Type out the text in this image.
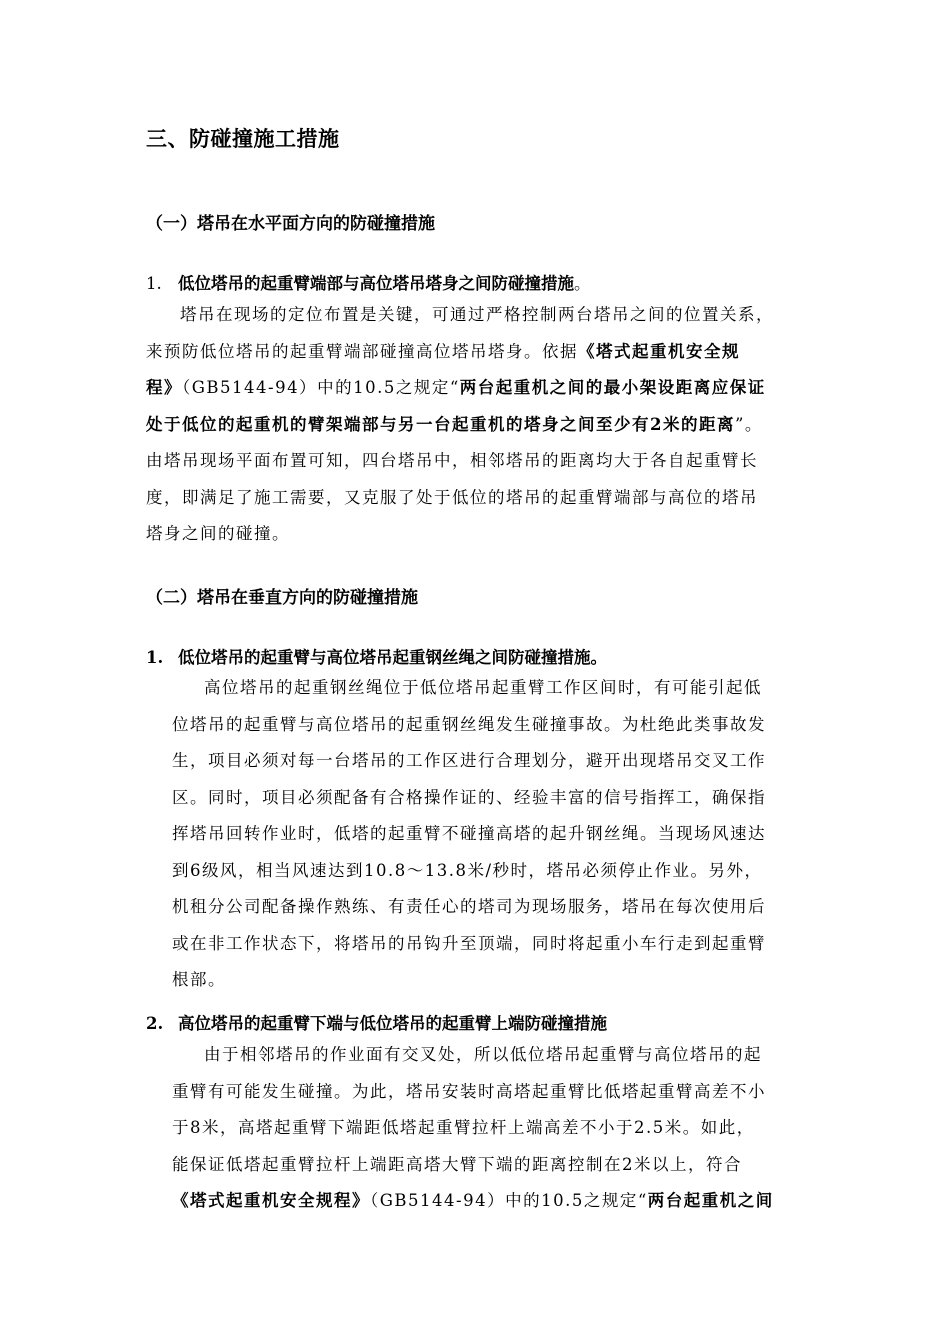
三、防碰撞施工措施
（一）塔吊在水平面方向的防碰撞措施
1. 低位塔吊的起重臂端部与高位塔吊塔身之间防碰撞措施。
塔吊在现场的定位布置是关键，可通过严格控制两台塔吊之间的位置关系，
来预防低位塔吊的起重臂端部碰撞高位塔吊塔身。依据《塔式起重机安全规
程》（GB5144-94）中的10.5之规定“两台起重机之间的最小架设距离应保证
处于低位的起重机的臂架端部与另一台起重机的塔身之间至少有2米的距离”。
由塔吊现场平面布置可知，四台塔吊中，相邻塔吊的距离均大于各自起重臂长
度，即满足了施工需要，又克服了处于低位的塔吊的起重臂端部与高位的塔吊
塔身之间的碰撞。
（二）塔吊在垂直方向的防碰撞措施
1. 低位塔吊的起重臂与高位塔吊起重钢丝绳之间防碰撞措施。
高位塔吊的起重钢丝绳位于低位塔吊起重臂工作区间时，有可能引起低
位塔吊的起重臂与高位塔吊的起重钢丝绳发生碰撞事故。为杜绝此类事故发
生，项目必须对每一台塔吊的工作区进行合理划分，避开出现塔吊交叉工作
区。同时，项目必须配备有合格操作证的、经验丰富的信号指挥工，确保指
挥塔吊回转作业时，低塔的起重臂不碰撞高塔的起升钢丝绳。当现场风速达
到6级风，相当风速达到10.8～13.8米/秒时，塔吊必须停止作业。另外，
机租分公司配备操作熟练、有责任心的塔司为现场服务，塔吊在每次使用后
或在非工作状态下，将塔吊的吊钩升至顶端，同时将起重小车行走到起重臂
根部。
2. 高位塔吊的起重臂下端与低位塔吊的起重臂上端防碰撞措施
由于相邻塔吊的作业面有交叉处，所以低位塔吊起重臂与高位塔吊的起
重臂有可能发生碰撞。为此，塔吊安装时高塔起重臂比低塔起重臂高差不小
于8米，高塔起重臂下端距低塔起重臂拉杆上端高差不小于2.5米。如此，
能保证低塔起重臂拉杆上端距高塔大臂下端的距离控制在2米以上，符合
《塔式起重机安全规程》（GB5144-94）中的10.5之规定“两台起重机之间
